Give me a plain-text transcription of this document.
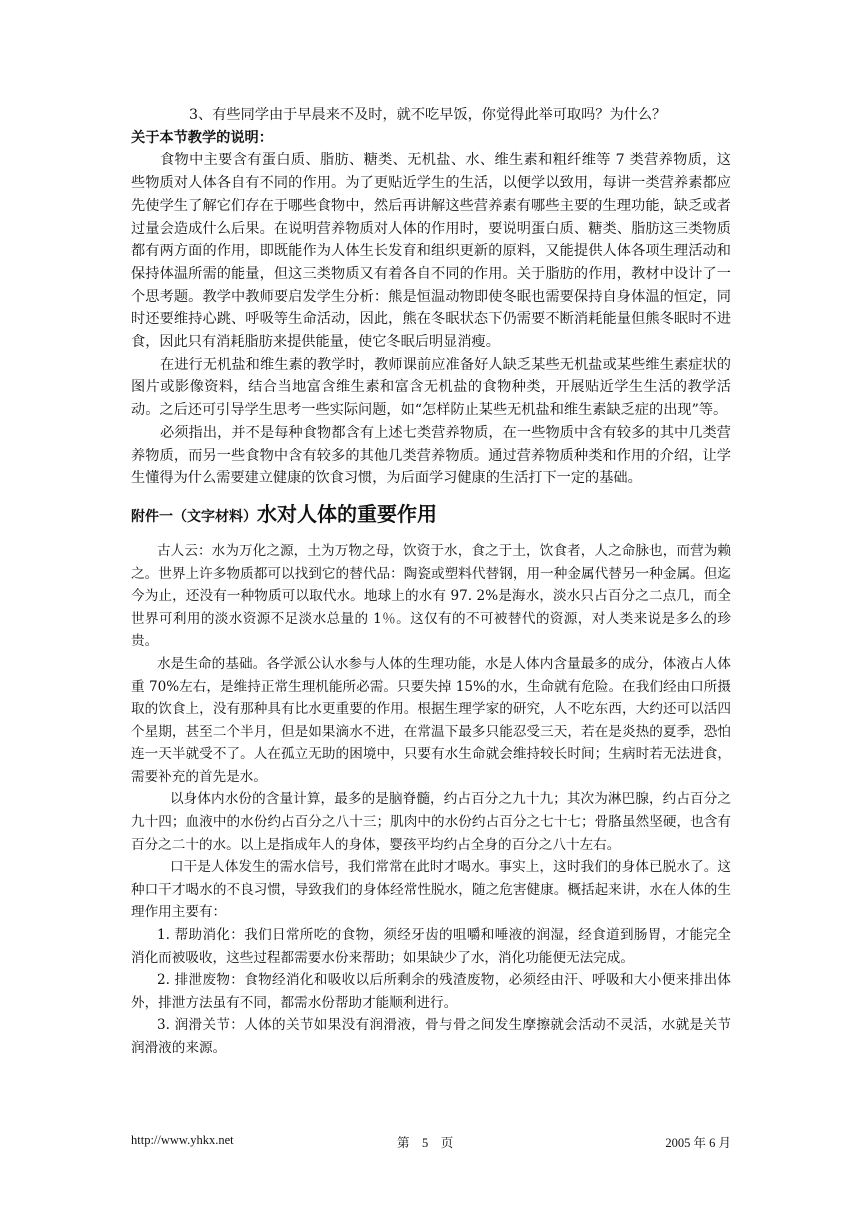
3、有些同学由于早晨来不及时，就不吃早饭，你觉得此举可取吗？为什么？

关于本节教学的说明：

食物中主要含有蛋白质、脂肪、糖类、无机盐、水、维生素和粗纤维等 7 类营养物质，这些物质对人体各自有不同的作用。为了更贴近学生的生活，以便学以致用，每讲一类营养素都应先使学生了解它们存在于哪些食物中，然后再讲解这些营养素有哪些主要的生理功能，缺乏或者过量会造成什么后果。在说明营养物质对人体的作用时，要说明蛋白质、糖类、脂肪这三类物质都有两方面的作用，即既能作为人体生长发育和组织更新的原料，又能提供人体各项生理活动和保持体温所需的能量，但这三类物质又有着各自不同的作用。关于脂肪的作用，教材中设计了一个思考题。教学中教师要启发学生分析：熊是恒温动物即使冬眠也需要保持自身体温的恒定，同时还要维持心跳、呼吸等生命活动，因此，熊在冬眠状态下仍需要不断消耗能量但熊冬眠时不进食，因此只有消耗脂肪来提供能量，使它冬眠后明显消瘦。

在进行无机盐和维生素的教学时，教师课前应准备好人缺乏某些无机盐或某些维生素症状的图片或影像资料，结合当地富含维生素和富含无机盐的食物种类，开展贴近学生生活的教学活动。之后还可引导学生思考一些实际问题，如“怎样防止某些无机盐和维生素缺乏症的出现”等。

必须指出，并不是每种食物都含有上述七类营养物质，在一些物质中含有较多的其中几类营养物质，而另一些食物中含有较多的其他几类营养物质。通过营养物质种类和作用的介绍，让学生懂得为什么需要建立健康的饮食习惯，为后面学习健康的生活打下一定的基础。

附件一（文字材料）水对人体的重要作用

古人云：水为万化之源，土为万物之母，饮资于水，食之于土，饮食者，人之命脉也，而营为赖之。世界上许多物质都可以找到它的替代品：陶瓷或塑料代替钢，用一种金属代替另一种金属。但迄今为止，还没有一种物质可以取代水。地球上的水有 97. 2%是海水，淡水只占百分之二点几，而全世界可利用的淡水资源不足淡水总量的 1％。这仅有的不可被替代的资源，对人类来说是多么的珍贵。

水是生命的基础。各学派公认水参与人体的生理功能，水是人体内含量最多的成分，体液占人体重 70%左右，是维持正常生理机能所必需。只要失掉 15%的水，生命就有危险。在我们经由口所摄取的饮食上，没有那种具有比水更重要的作用。根据生理学家的研究，人不吃东西，大约还可以活四个星期，甚至二个半月，但是如果滴水不进，在常温下最多只能忍受三天，若在是炎热的夏季，恐怕连一天半就受不了。人在孤立无助的困境中，只要有水生命就会维持较长时间；生病时若无法进食，需要补充的首先是水。

以身体内水份的含量计算，最多的是脑脊髓，约占百分之九十九；其次为淋巴腺，约占百分之九十四；血液中的水份约占百分之八十三；肌肉中的水份约占百分之七十七；骨胳虽然坚硬，也含有百分之二十的水。以上是指成年人的身体，婴孩平均约占全身的百分之八十左右。

口干是人体发生的需水信号，我们常常在此时才喝水。事实上，这时我们的身体已脱水了。这种口干才喝水的不良习惯，导致我们的身体经常性脱水，随之危害健康。概括起来讲，水在人体的生理作用主要有：

1. 帮助消化：我们日常所吃的食物，须经牙齿的咀嚼和唾液的润湿，经食道到肠胃，才能完全消化而被吸收，这些过程都需要水份来帮助；如果缺少了水，消化功能便无法完成。

2. 排泄废物：食物经消化和吸收以后所剩余的残渣废物，必须经由汗、呼吸和大小便来排出体外，排泄方法虽有不同，都需水份帮助才能顺利进行。

3. 润滑关节：人体的关节如果没有润滑液，骨与骨之间发生摩擦就会活动不灵活，水就是关节润滑液的来源。

http://www.yhkx.net	第　5　页	2005 年 6 月
